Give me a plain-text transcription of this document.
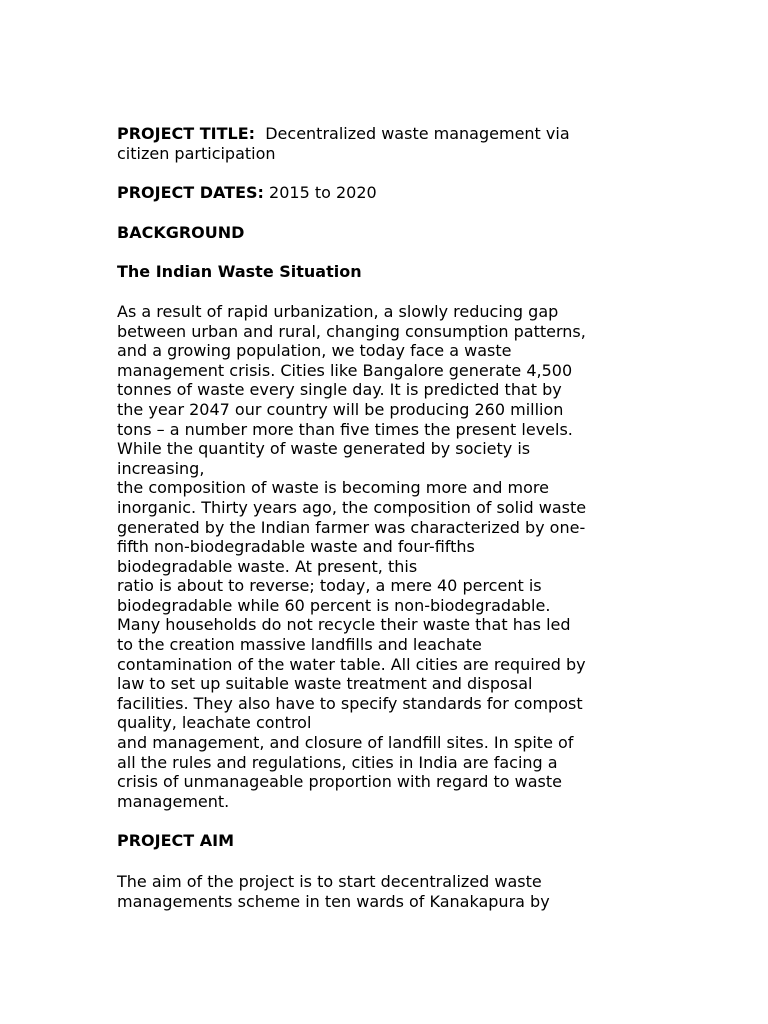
PROJECT TITLE: Decentralized waste management via
citizen participation

PROJECT DATES: 2015 to 2020

BACKGROUND

The Indian Waste Situation

As a result of rapid urbanization, a slowly reducing gap
between urban and rural, changing consumption patterns,
and a growing population, we today face a waste
management crisis. Cities like Bangalore generate 4,500
tonnes of waste every single day. It is predicted that by
the year 2047 our country will be producing 260 million
tons – a number more than five times the present levels.
While the quantity of waste generated by society is
increasing,
the composition of waste is becoming more and more
inorganic. Thirty years ago, the composition of solid waste
generated by the Indian farmer was characterized by one-
fifth non-biodegradable waste and four-fifths
biodegradable waste. At present, this
ratio is about to reverse; today, a mere 40 percent is
biodegradable while 60 percent is non-biodegradable.
Many households do not recycle their waste that has led
to the creation massive landfills and leachate
contamination of the water table. All cities are required by
law to set up suitable waste treatment and disposal
facilities. They also have to specify standards for compost
quality, leachate control
and management, and closure of landfill sites. In spite of
all the rules and regulations, cities in India are facing a
crisis of unmanageable proportion with regard to waste
management.

PROJECT AIM

The aim of the project is to start decentralized waste
managements scheme in ten wards of Kanakapura by
